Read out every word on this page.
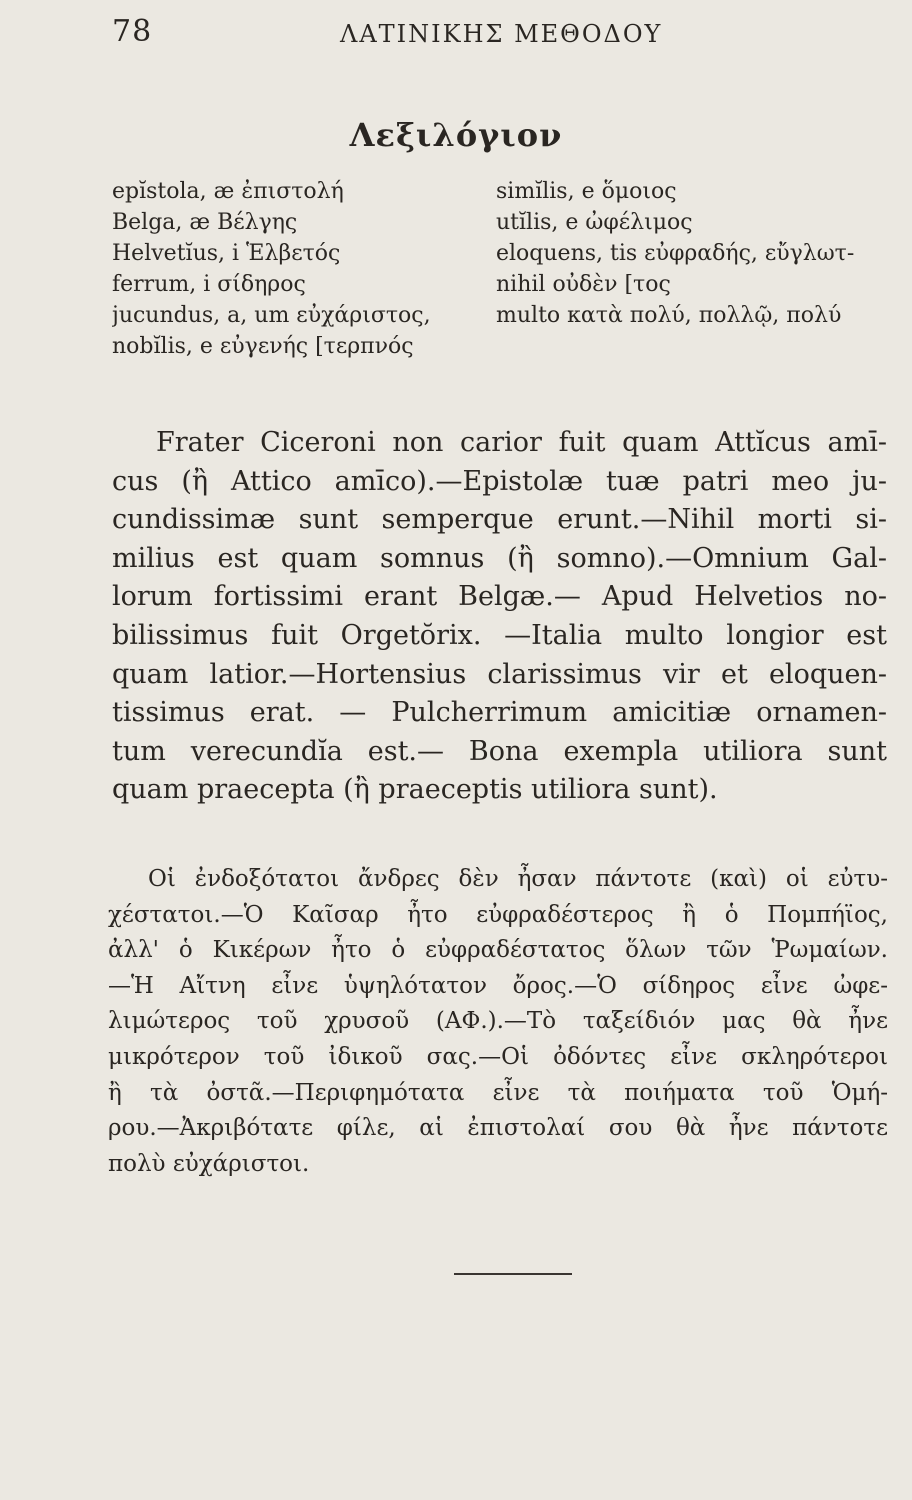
78	ΛΑΤΙΝΙΚΗΣ ΜΕΘΟΔΟΥ
Λεξιλόγιον
epĭstola, æ ἐπιστολή
Belga, æ Βέλγης
Helvetĭus, i Ἑλβετός
ferrum, i σίδηρος
jucundus, a, um εὐχάριστος,
nobĭlis, e εὐγενής [τερπνός
simĭlis, e ὅμοιος
utĭlis, e ὠφέλιμος
eloquens, tis εὐφραδής, εὔγλωτ-
nihil οὐδὲν [τος
multo κατὰ πολύ, πολλῷ, πολύ
Frater Ciceroni non carior fuit quam Attĭcus amī-
cus (ἢ Attico amīco).—Epistolæ tuæ patri meo ju-
cundissimæ sunt semperque erunt.—Nihil morti si-
milius est quam somnus (ἢ somno).—Omnium Gal-
lorum fortissimi erant Belgæ.— Apud Helvetios no-
bilissimus fuit Orgetŏrix. —Italia multo longior est
quam latior.—Hortensius clarissimus vir et eloquen-
tissimus erat. — Pulcherrimum amicitiæ ornamen-
tum verecundĭa est.— Bona exempla utiliora sunt
quam praecepta (ἢ praeceptis utiliora sunt).
Οἱ ἐνδοξότατοι ἄνδρες δὲν ἦσαν πάντοτε (καὶ) οἱ εὐτυ-
χέστατοι.—Ὁ Καῖσαρ ἦτο εὐφραδέστερος ἢ ὁ Πομπήϊος,
ἀλλ' ὁ Κικέρων ἦτο ὁ εὐφραδέστατος ὅλων τῶν Ῥωμαίων.
—Ἡ Αἴτνη εἶνε ὑψηλότατον ὄρος.—Ὁ σίδηρος εἶνε ὠφε-
λιμώτερος τοῦ χρυσοῦ (ΑΦ.).—Τὸ ταξείδιόν μας θὰ ἦνε
μικρότερον τοῦ ἰδικοῦ σας.—Οἱ ὀδόντες εἶνε σκληρότεροι
ἢ τὰ ὀστᾶ.—Περιφημότατα εἶνε τὰ ποιήματα τοῦ Ὁμή-
ρου.—Ἀκριβότατε φίλε, αἱ ἐπιστολαί σου θὰ ἦνε πάντοτε
πολὺ εὐχάριστοι.
